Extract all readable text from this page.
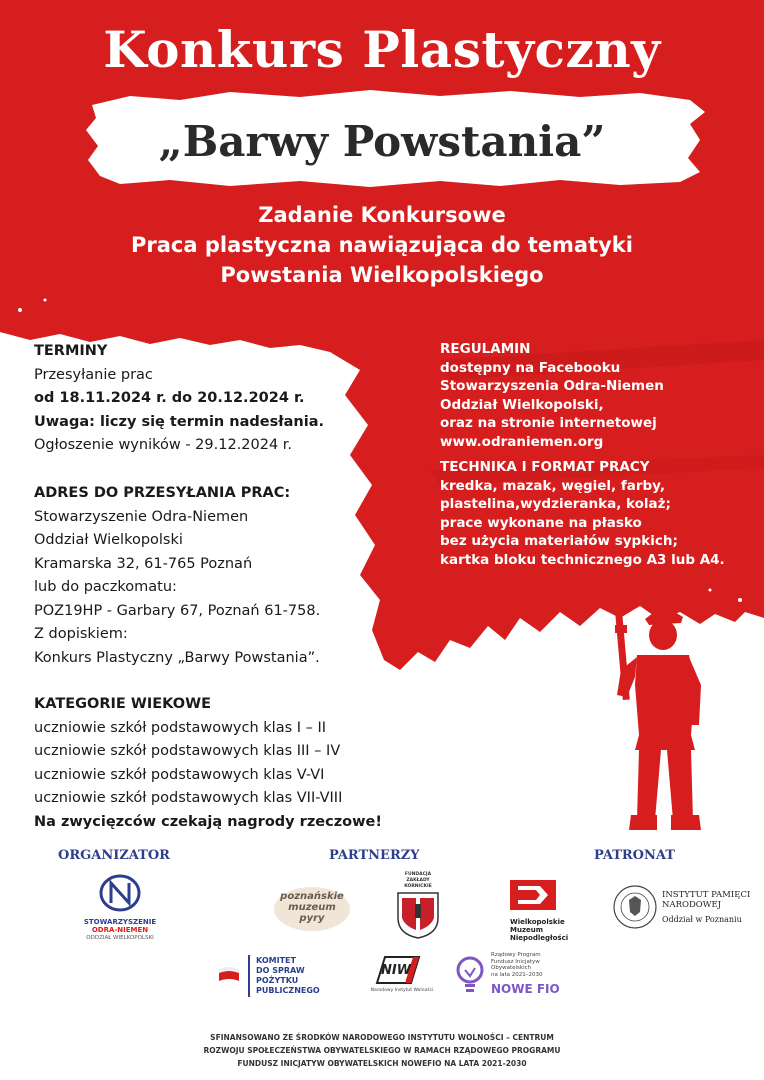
Konkurs Plastyczny
„Barwy Powstania”
Zadanie Konkursowe
Praca plastyczna nawiązująca do tematyki
Powstania Wielkopolskiego
TERMINY
Przesyłanie prac
od 18.11.2024 r. do 20.12.2024 r.
Uwaga: liczy się termin nadesłania.
Ogłoszenie wyników - 29.12.2024 r.
ADRES DO PRZESYŁANIA PRAC:
Stowarzyszenie Odra-Niemen
Oddział Wielkopolski
Kramarska 32, 61-765 Poznań
lub do paczkomatu:
POZ19HP - Garbary 67, Poznań 61-758.
Z dopiskiem:
Konkurs Plastyczny „Barwy Powstania”.
KATEGORIE WIEKOWE
uczniowie szkół podstawowych klas I – II
uczniowie szkół podstawowych klas III – IV
uczniowie szkół podstawowych klas V-VI
uczniowie szkół podstawowych klas VII-VIII
Na zwycięzców czekają nagrody rzeczowe!
REGULAMIN
dostępny na Facebooku
Stowarzyszenia Odra-Niemen
Oddział Wielkopolski,
oraz na stronie internetowej
www.odraniemen.org
TECHNIKA I FORMAT PRACY
kredka, mazak, węgiel, farby,
plastelina,wydzieranka, kolaż;
prace wykonane na płasko
bez użycia materiałów sypkich;
kartka bloku technicznego A3 lub A4.
ORGANIZATOR	PARTNERZY	PATRONAT
STOWARZYSZENIE
ODRA-NIEMEN
ODDZIAŁ WIELKOPOLSKI
poznańskie muzeum pyry
FUNDACJA ZAKŁADY KÓRNICKIE
Wielkopolskie
Muzeum
Niepodległości
INSTYTUT PAMIĘCI
NARODOWEJ
Oddział w Poznaniu
KOMITET
DO SPRAW
POŻYTKU
PUBLICZNEGO
NIW
Narodowy Instytut Wolności
Rządowy Program
Fundusz Inicjatyw
Obywatelskich
na lata 2021–2030
NOWE FIO
SFINANSOWANO ZE ŚRODKÓW NARODOWEGO INSTYTUTU WOLNOŚCI – CENTRUM
ROZWOJU SPOŁECZEŃSTWA OBYWATELSKIEGO W RAMACH RZĄDOWEGO PROGRAMU
FUNDUSZ INICJATYW OBYWATELSKICH NOWEFIO NA LATA 2021-2030
